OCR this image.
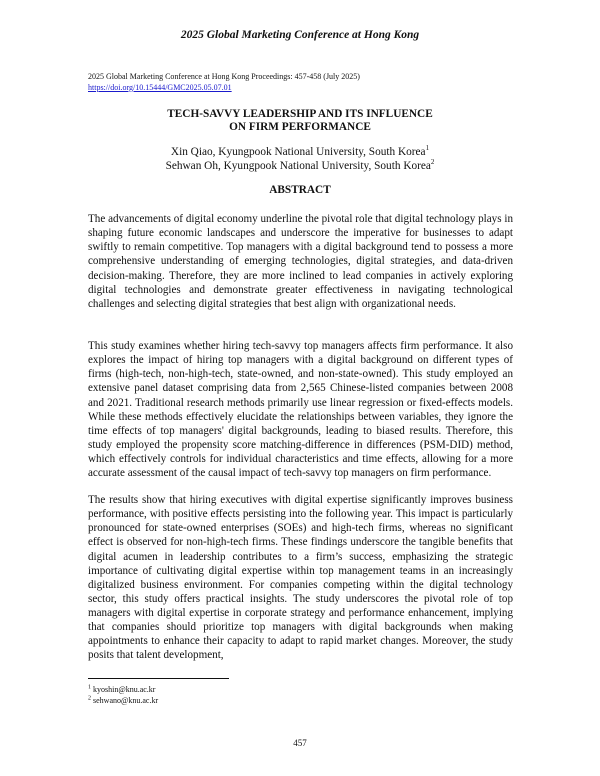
2025 Global Marketing Conference at Hong Kong
2025 Global Marketing Conference at Hong Kong Proceedings: 457-458 (July 2025)
https://doi.org/10.15444/GMC2025.05.07.01
TECH-SAVVY LEADERSHIP AND ITS INFLUENCE
ON FIRM PERFORMANCE
Xin Qiao, Kyungpook National University, South Korea$^1$
Sehwan Oh, Kyungpook National University, South Korea$^2$
ABSTRACT

The advancements of digital economy underline the pivotal role that digital technology plays in shaping future economic landscapes and underscore the imperative for businesses to adapt swiftly to remain competitive. Top managers with a digital background tend to possess a more comprehensive understanding of emerging technologies, digital strategies, and data-driven decision-making. Therefore, they are more inclined to lead companies in actively exploring digital technologies and demonstrate greater effectiveness in navigating technological challenges and selecting digital strategies that best align with organizational needs.

This study examines whether hiring tech-savvy top managers affects firm performance. It also explores the impact of hiring top managers with a digital background on different types of firms (high-tech, non-high-tech, state-owned, and non-state-owned). This study employed an extensive panel dataset comprising data from 2,565 Chinese-listed companies between 2008 and 2021. Traditional research methods primarily use linear regression or fixed-effects models. While these methods effectively elucidate the relationships between variables, they ignore the time effects of top managers' digital backgrounds, leading to biased results. Therefore, this study employed the propensity score matching-difference in differences (PSM-DID) method, which effectively controls for individual characteristics and time effects, allowing for a more accurate assessment of the causal impact of tech-savvy top managers on firm performance.

The results show that hiring executives with digital expertise significantly improves business performance, with positive effects persisting into the following year. This impact is particularly pronounced for state-owned enterprises (SOEs) and high-tech firms, whereas no significant effect is observed for non-high-tech firms. These findings underscore the tangible benefits that digital acumen in leadership contributes to a firm’s success, emphasizing the strategic importance of cultivating digital expertise within top management teams in an increasingly digitalized business environment. For companies competing within the digital technology sector, this study offers practical insights. The study underscores the pivotal role of top managers with digital expertise in corporate strategy and performance enhancement, implying that companies should prioritize top managers with digital backgrounds when making appointments to enhance their capacity to adapt to rapid market changes. Moreover, the study posits that talent development,

$^1$ kyoshin@knu.ac.kr
$^2$ sehwano@knu.ac.kr
457
